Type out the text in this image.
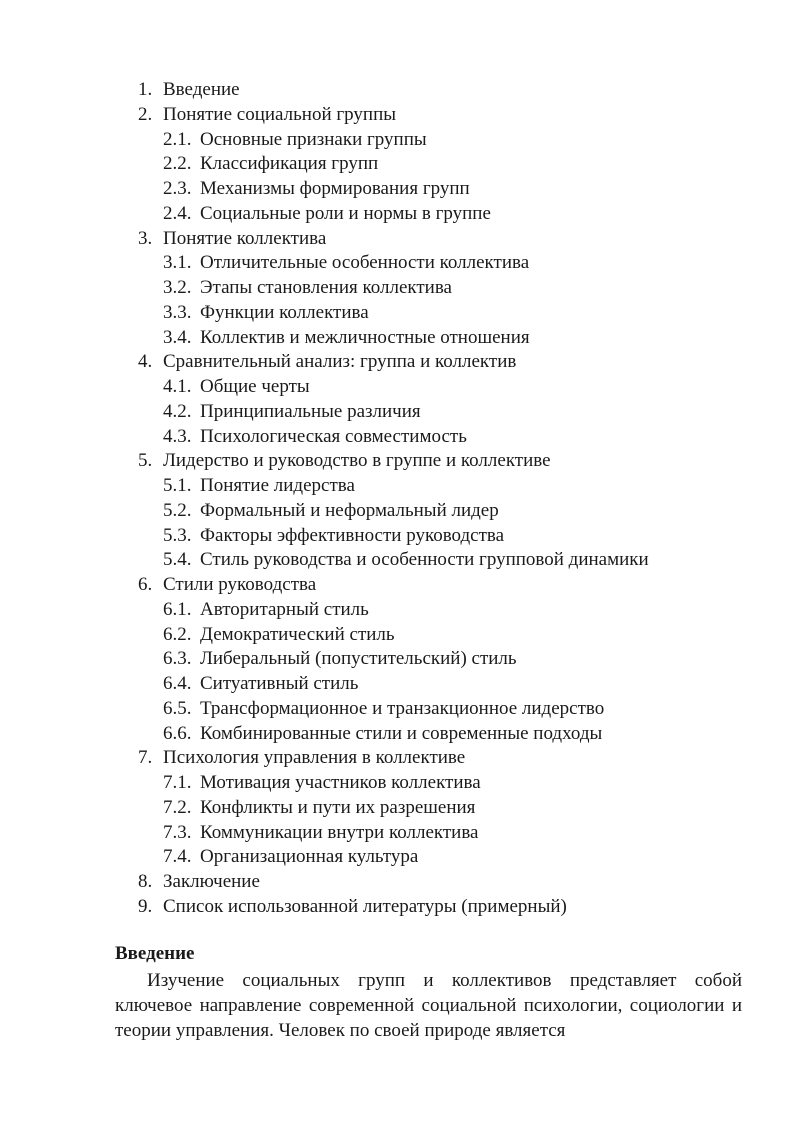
1. Введение
2. Понятие социальной группы
2.1. Основные признаки группы
2.2. Классификация групп
2.3. Механизмы формирования групп
2.4. Социальные роли и нормы в группе
3. Понятие коллектива
3.1. Отличительные особенности коллектива
3.2. Этапы становления коллектива
3.3. Функции коллектива
3.4. Коллектив и межличностные отношения
4. Сравнительный анализ: группа и коллектив
4.1. Общие черты
4.2. Принципиальные различия
4.3. Психологическая совместимость
5. Лидерство и руководство в группе и коллективе
5.1. Понятие лидерства
5.2. Формальный и неформальный лидер
5.3. Факторы эффективности руководства
5.4. Стиль руководства и особенности групповой динамики
6. Стили руководства
6.1. Авторитарный стиль
6.2. Демократический стиль
6.3. Либеральный (попустительский) стиль
6.4. Ситуативный стиль
6.5. Трансформационное и транзакционное лидерство
6.6. Комбинированные стили и современные подходы
7. Психология управления в коллективе
7.1. Мотивация участников коллектива
7.2. Конфликты и пути их разрешения
7.3. Коммуникации внутри коллектива
7.4. Организационная культура
8. Заключение
9. Список использованной литературы (примерный)
Введение

Изучение социальных групп и коллективов представляет собой ключевое направление современной социальной психологии, социологии и теории управления. Человек по своей природе является
